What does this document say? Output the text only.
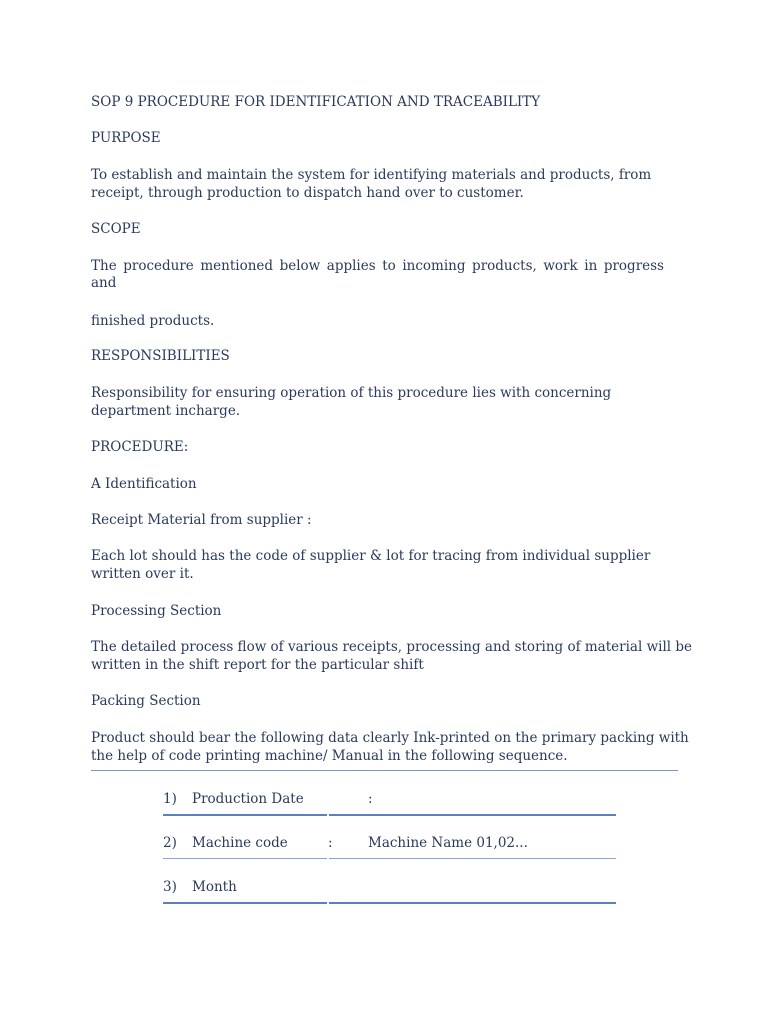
SOP 9 PROCEDURE FOR IDENTIFICATION AND TRACEABILITY
PURPOSE
To establish and maintain the system for identifying materials and products, from
receipt, through production to dispatch hand over to customer.
SCOPE
The procedure mentioned below applies to incoming products, work in progress
and
finished products.
RESPONSIBILITIES
Responsibility for ensuring operation of this procedure lies with concerning
department incharge.
PROCEDURE:
A Identification
Receipt Material from supplier :
Each lot should has the code of supplier & lot for tracing from individual supplier
written over it.
Processing Section
The detailed process flow of various receipts, processing and storing of material will be
written in the shift report for the particular shift
Packing Section
Product should bear the following data clearly Ink-printed on the primary packing with
the help of code printing machine/ Manual in the following sequence.
1) Production Date	:
2) Machine code	:	Machine Name 01,02...
3) Month
